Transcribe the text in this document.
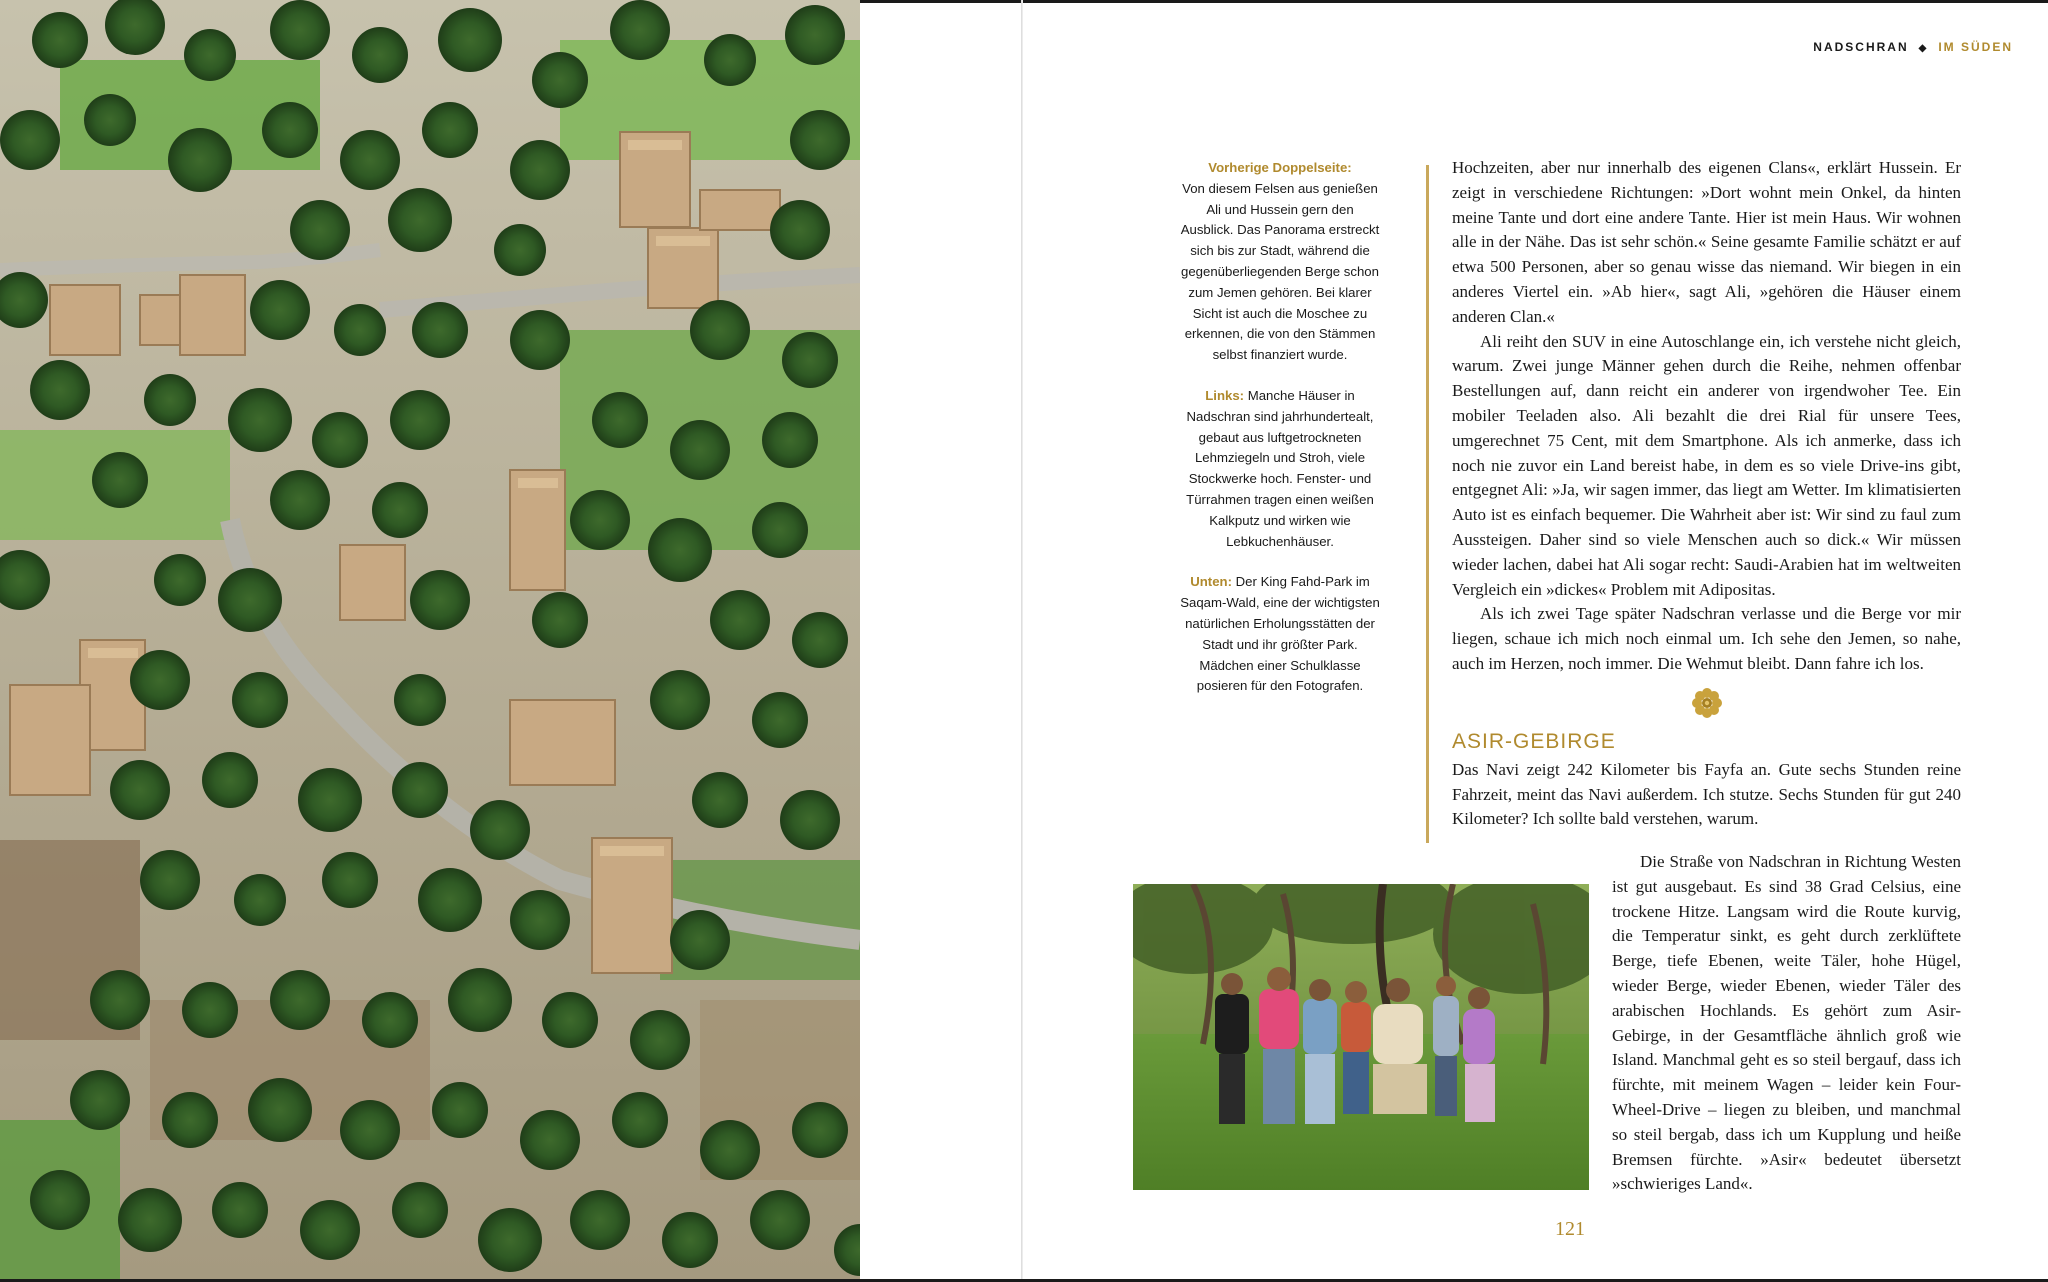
NADSCHRAN ◆ IM SÜDEN

Vorherige Doppelseite:
Von diesem Felsen aus genießen Ali und Hussein gern den Ausblick. Das Panorama erstreckt sich bis zur Stadt, während die gegenüberliegenden Berge schon zum Jemen gehören. Bei klarer Sicht ist auch die Moschee zu erkennen, die von den Stämmen selbst finanziert wurde.

Links: Manche Häuser in Nadschran sind jahrhundertealt, gebaut aus luftgetrockneten Lehmziegeln und Stroh, viele Stockwerke hoch. Fenster- und Türrahmen tragen einen weißen Kalkputz und wirken wie Lebkuchenhäuser.

Unten: Der King Fahd-Park im Saqam-Wald, eine der wichtigsten natürlichen Erholungsstätten der Stadt und ihr größter Park. Mädchen einer Schulklasse posieren für den Fotografen.

Hochzeiten, aber nur innerhalb des eigenen Clans«, erklärt Hussein. Er zeigt in verschiedene Richtungen: »Dort wohnt mein Onkel, da hinten meine Tante und dort eine andere Tante. Hier ist mein Haus. Wir wohnen alle in der Nähe. Das ist sehr schön.« Seine gesamte Familie schätzt er auf etwa 500 Personen, aber so genau wisse das niemand. Wir biegen in ein anderes Viertel ein. »Ab hier«, sagt Ali, »gehören die Häuser einem anderen Clan.«

Ali reiht den SUV in eine Autoschlange ein, ich verstehe nicht gleich, warum. Zwei junge Männer gehen durch die Reihe, nehmen offenbar Bestellungen auf, dann reicht ein anderer von irgendwoher Tee. Ein mobiler Teeladen also. Ali bezahlt die drei Rial für unsere Tees, umgerechnet 75 Cent, mit dem Smartphone. Als ich anmerke, dass ich noch nie zuvor ein Land bereist habe, in dem es so viele Drive-ins gibt, entgegnet Ali: »Ja, wir sagen immer, das liegt am Wetter. Im klimatisierten Auto ist es einfach bequemer. Die Wahrheit aber ist: Wir sind zu faul zum Aussteigen. Daher sind so viele Menschen auch so dick.« Wir müssen wieder lachen, dabei hat Ali sogar recht: Saudi-Arabien hat im weltweiten Vergleich ein »dickes« Problem mit Adipositas.

Als ich zwei Tage später Nadschran verlasse und die Berge vor mir liegen, schaue ich mich noch einmal um. Ich sehe den Jemen, so nahe, auch im Herzen, noch immer. Die Wehmut bleibt. Dann fahre ich los.

ASIR-GEBIRGE

Das Navi zeigt 242 Kilometer bis Fayfa an. Gute sechs Stunden reine Fahrzeit, meint das Navi außerdem. Ich stutze. Sechs Stunden für gut 240 Kilometer? Ich sollte bald verstehen, warum.

Die Straße von Nadschran in Richtung Westen ist gut ausgebaut. Es sind 38 Grad Celsius, eine trockene Hitze. Langsam wird die Route kurvig, die Temperatur sinkt, es geht durch zerklüftete Berge, tiefe Ebenen, weite Täler, hohe Hügel, wieder Berge, wieder Ebenen, wieder Täler des arabischen Hochlands. Es gehört zum Asir-Gebirge, in der Gesamtfläche ähnlich groß wie Island. Manchmal geht es so steil bergauf, dass ich fürchte, mit meinem Wagen – leider kein Four-Wheel-Drive – liegen zu bleiben, und manchmal so steil bergab, dass ich um Kupplung und heiße Bremsen fürchte. »Asir« bedeutet übersetzt »schwieriges Land«.

121
